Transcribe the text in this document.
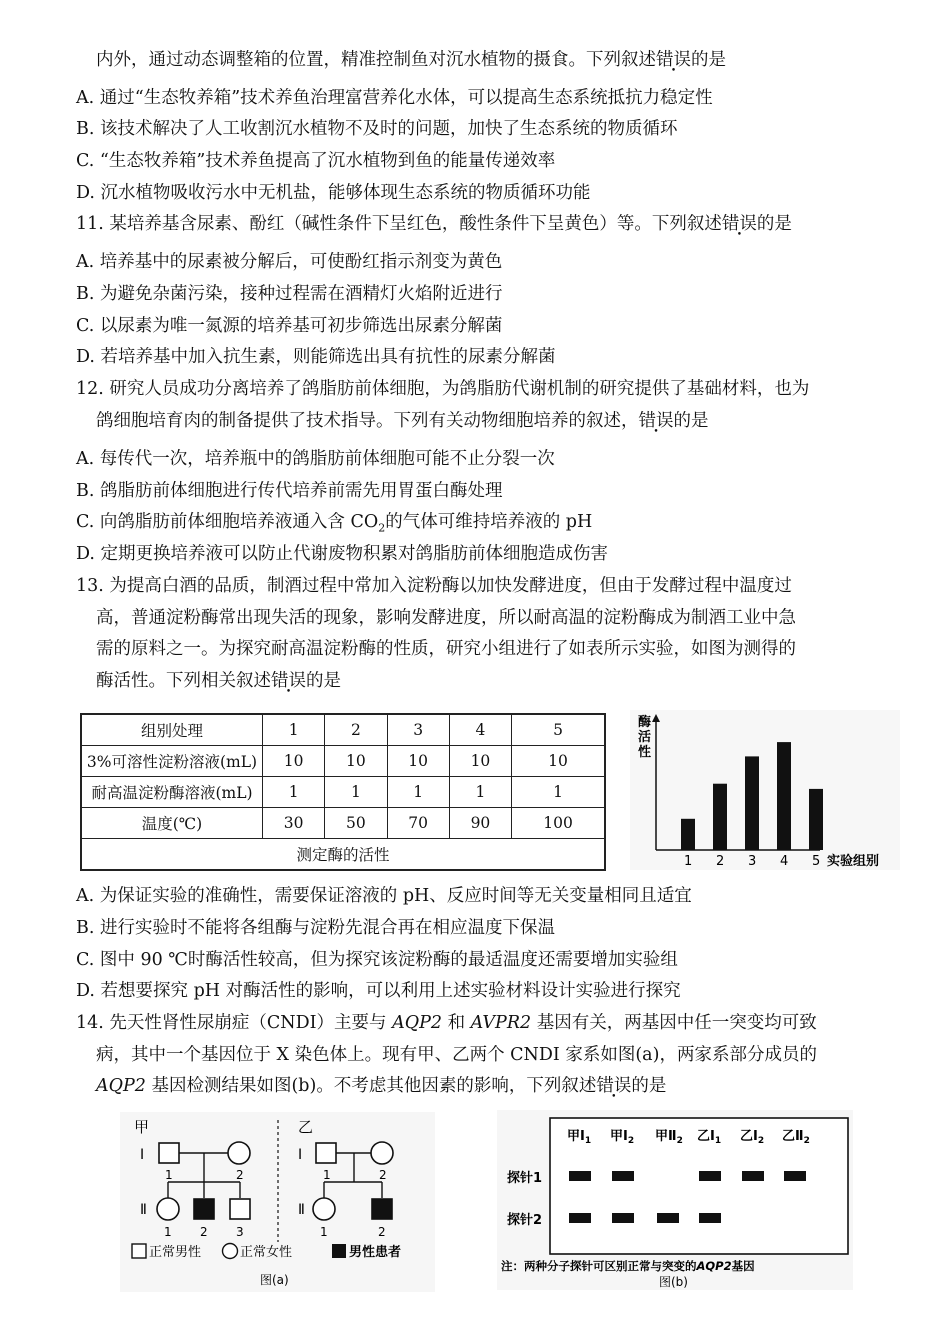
内外，通过动态调整箱的位置，精准控制鱼对沉水植物的摄食。下列叙述错误的是
A. 通过“生态牧养箱”技术养鱼治理富营养化水体，可以提高生态系统抵抗力稳定性
B. 该技术解决了人工收割沉水植物不及时的问题，加快了生态系统的物质循环
C. “生态牧养箱”技术养鱼提高了沉水植物到鱼的能量传递效率
D. 沉水植物吸收污水中无机盐，能够体现生态系统的物质循环功能
11. 某培养基含尿素、酚红（碱性条件下呈红色，酸性条件下呈黄色）等。下列叙述错误的是
A. 培养基中的尿素被分解后，可使酚红指示剂变为黄色
B. 为避免杂菌污染，接种过程需在酒精灯火焰附近进行
C. 以尿素为唯一氮源的培养基可初步筛选出尿素分解菌
D. 若培养基中加入抗生素，则能筛选出具有抗性的尿素分解菌
12. 研究人员成功分离培养了鸽脂肪前体细胞，为鸽脂肪代谢机制的研究提供了基础材料，也为
鸽细胞培育肉的制备提供了技术指导。下列有关动物细胞培养的叙述，错误的是
A. 每传代一次，培养瓶中的鸽脂肪前体细胞可能不止分裂一次
B. 鸽脂肪前体细胞进行传代培养前需先用胃蛋白酶处理
C. 向鸽脂肪前体细胞培养液通入含 $CO_2$的气体可维持培养液的 pH
D. 定期更换培养液可以防止代谢废物积累对鸽脂肪前体细胞造成伤害
13. 为提高白酒的品质，制酒过程中常加入淀粉酶以加快发酵进度，但由于发酵过程中温度过
高，普通淀粉酶常出现失活的现象，影响发酵进度，所以耐高温的淀粉酶成为制酒工业中急
需的原料之一。为探究耐高温淀粉酶的性质，研究小组进行了如表所示实验，如图为测得的
酶活性。下列相关叙述错误的是
组别处理	1	2	3	4	5
3%可溶性淀粉溶液(mL)	10	10	10	10	10
耐高温淀粉酶溶液(mL)	1	1	1	1	1
温度(℃)	30	50	70	90	100
测定酶的活性					
酶
活
性
1 2 3 4 5 实验组别
A. 为保证实验的准确性，需要保证溶液的 pH、反应时间等无关变量相同且适宜
B. 进行实验时不能将各组酶与淀粉先混合再在相应温度下保温
C. 图中 90 ℃时酶活性较高，但为探究该淀粉酶的最适温度还需要增加实验组
D. 若想要探究 pH 对酶活性的影响，可以利用上述实验材料设计实验进行探究
14. 先天性肾性尿崩症（CNDI）主要与 AQP2 和 AVPR2 基因有关，两基因中任一突变均可致
病，其中一个基因位于 X 染色体上。现有甲、乙两个 CNDI 家系如图(a)，两家系部分成员的
AQP2 基因检测结果如图(b)。不考虑其他因素的影响，下列叙述错误的是
甲
Ⅰ
Ⅱ
1	2
1 2 3
乙
Ⅰ
Ⅱ
1	2
1	2
正常男性	正常女性	男性患者
图(a)
甲$Ⅰ_1$ 甲$Ⅰ_2$ 甲$Ⅱ_2$ 乙$Ⅰ_1$ 乙$Ⅰ_2$ 乙$Ⅱ_2$
探针1
探针2
注：两种分子探针可区别正常与突变的AQP2基因
图(b)
